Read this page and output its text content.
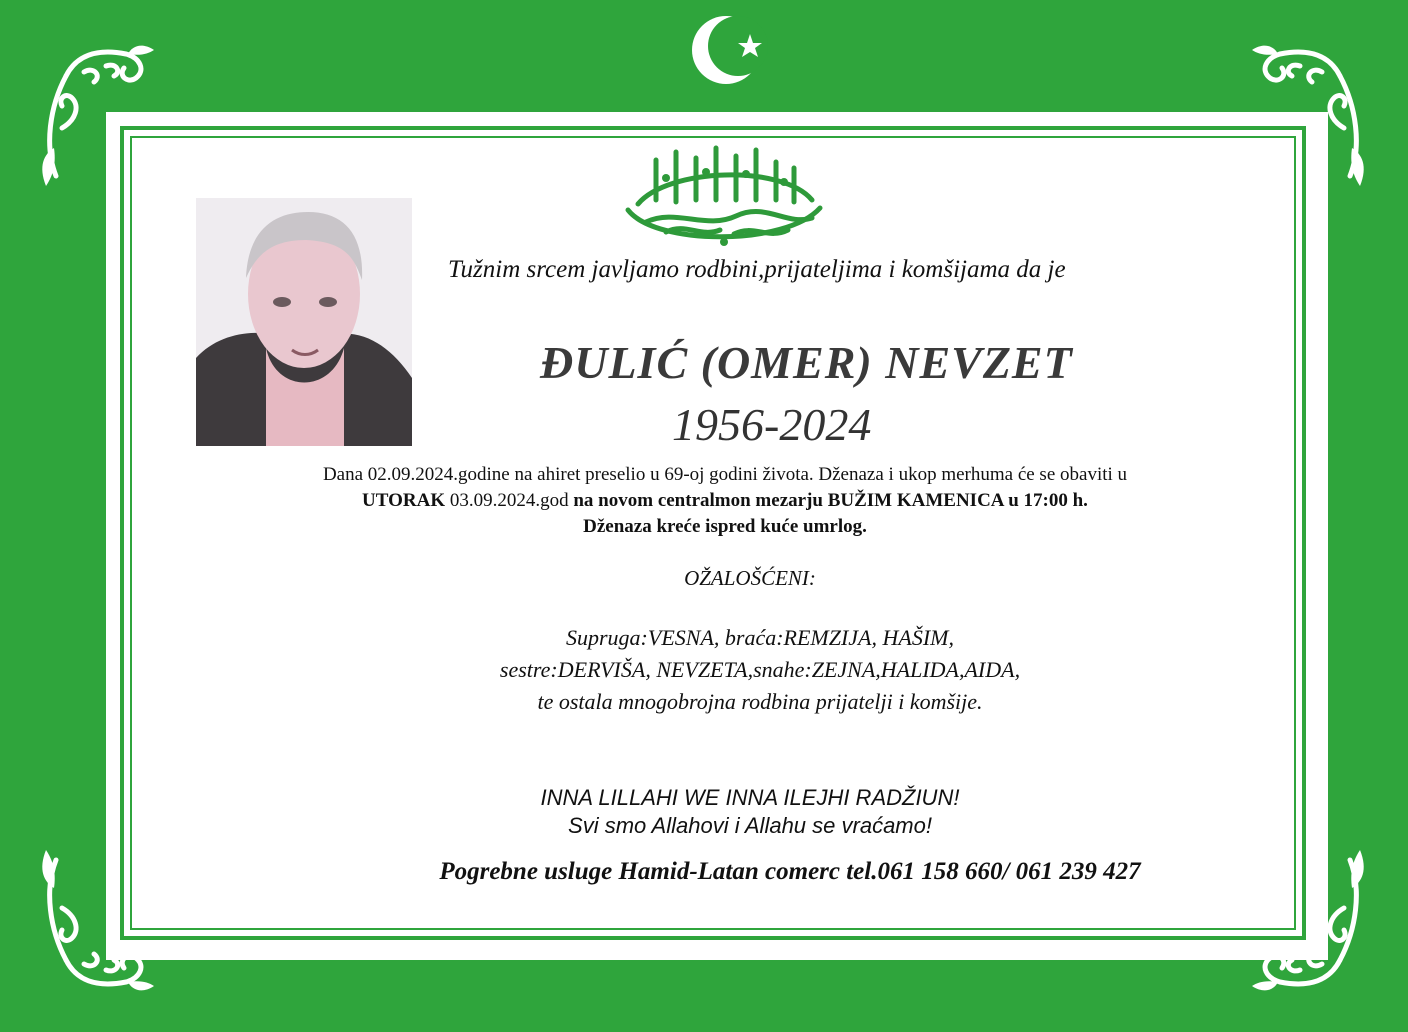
Tužnim srcem javljamo rodbini,prijateljima i komšijama da je
ĐULIĆ (OMER) NEVZET
1956-2024
Dana 02.09.2024.godine na ahiret preselio u 69-oj godini života. Dženaza i ukop merhuma će se obaviti u
UTORAK 03.09.2024.god na novom centralmon mezarju BUŽIM KAMENICA u 17:00 h.
Dženaza kreće ispred kuće umrlog.
OŽALOŠĆENI:
Supruga:VESNA, braća:REMZIJA, HAŠIM,
sestre:DERVIŠA, NEVZETA,snahe:ZEJNA,HALIDA,AIDA,
te ostala mnogobrojna rodbina prijatelji i komšije.
INNA LILLAHI WE INNA ILEJHI RADŽIUN!
Svi smo Allahovi i Allahu se vraćamo!
Pogrebne usluge Hamid-Latan comerc tel.061 158 660/ 061 239 427
